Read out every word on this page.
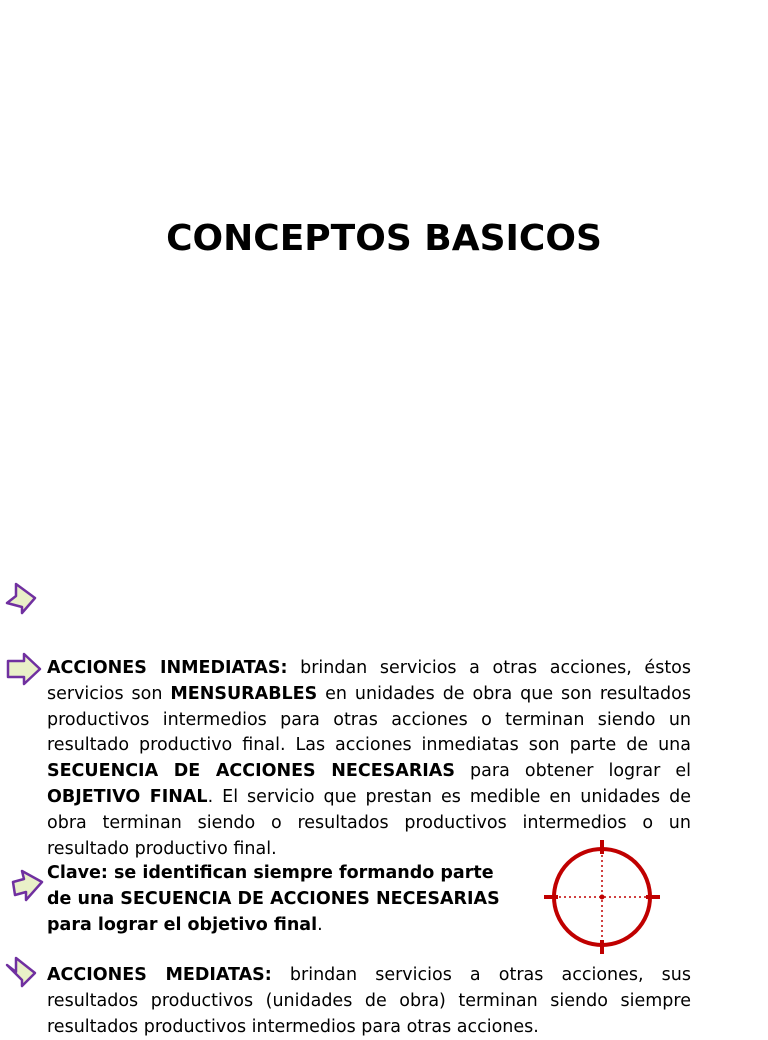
CONCEPTOS BASICOS
ACCIONES INMEDIATAS: brindan servicios a otras acciones, éstos servicios son MENSURABLES en unidades de obra que son resultados productivos intermedios para otras acciones o terminan siendo un resultado productivo final. Las acciones inmediatas son parte de una SECUENCIA DE ACCIONES NECESARIAS para obtener lograr el OBJETIVO FINAL. El servicio que prestan es medible en unidades de obra terminan siendo o resultados productivos intermedios o un resultado productivo final.
Clave: se identifican siempre formando parte de una SECUENCIA DE ACCIONES NECESARIAS para lograr el objetivo final.
ACCIONES MEDIATAS: brindan servicios a otras acciones, sus resultados productivos (unidades de obra) terminan siendo siempre resultados productivos intermedios para otras acciones.
